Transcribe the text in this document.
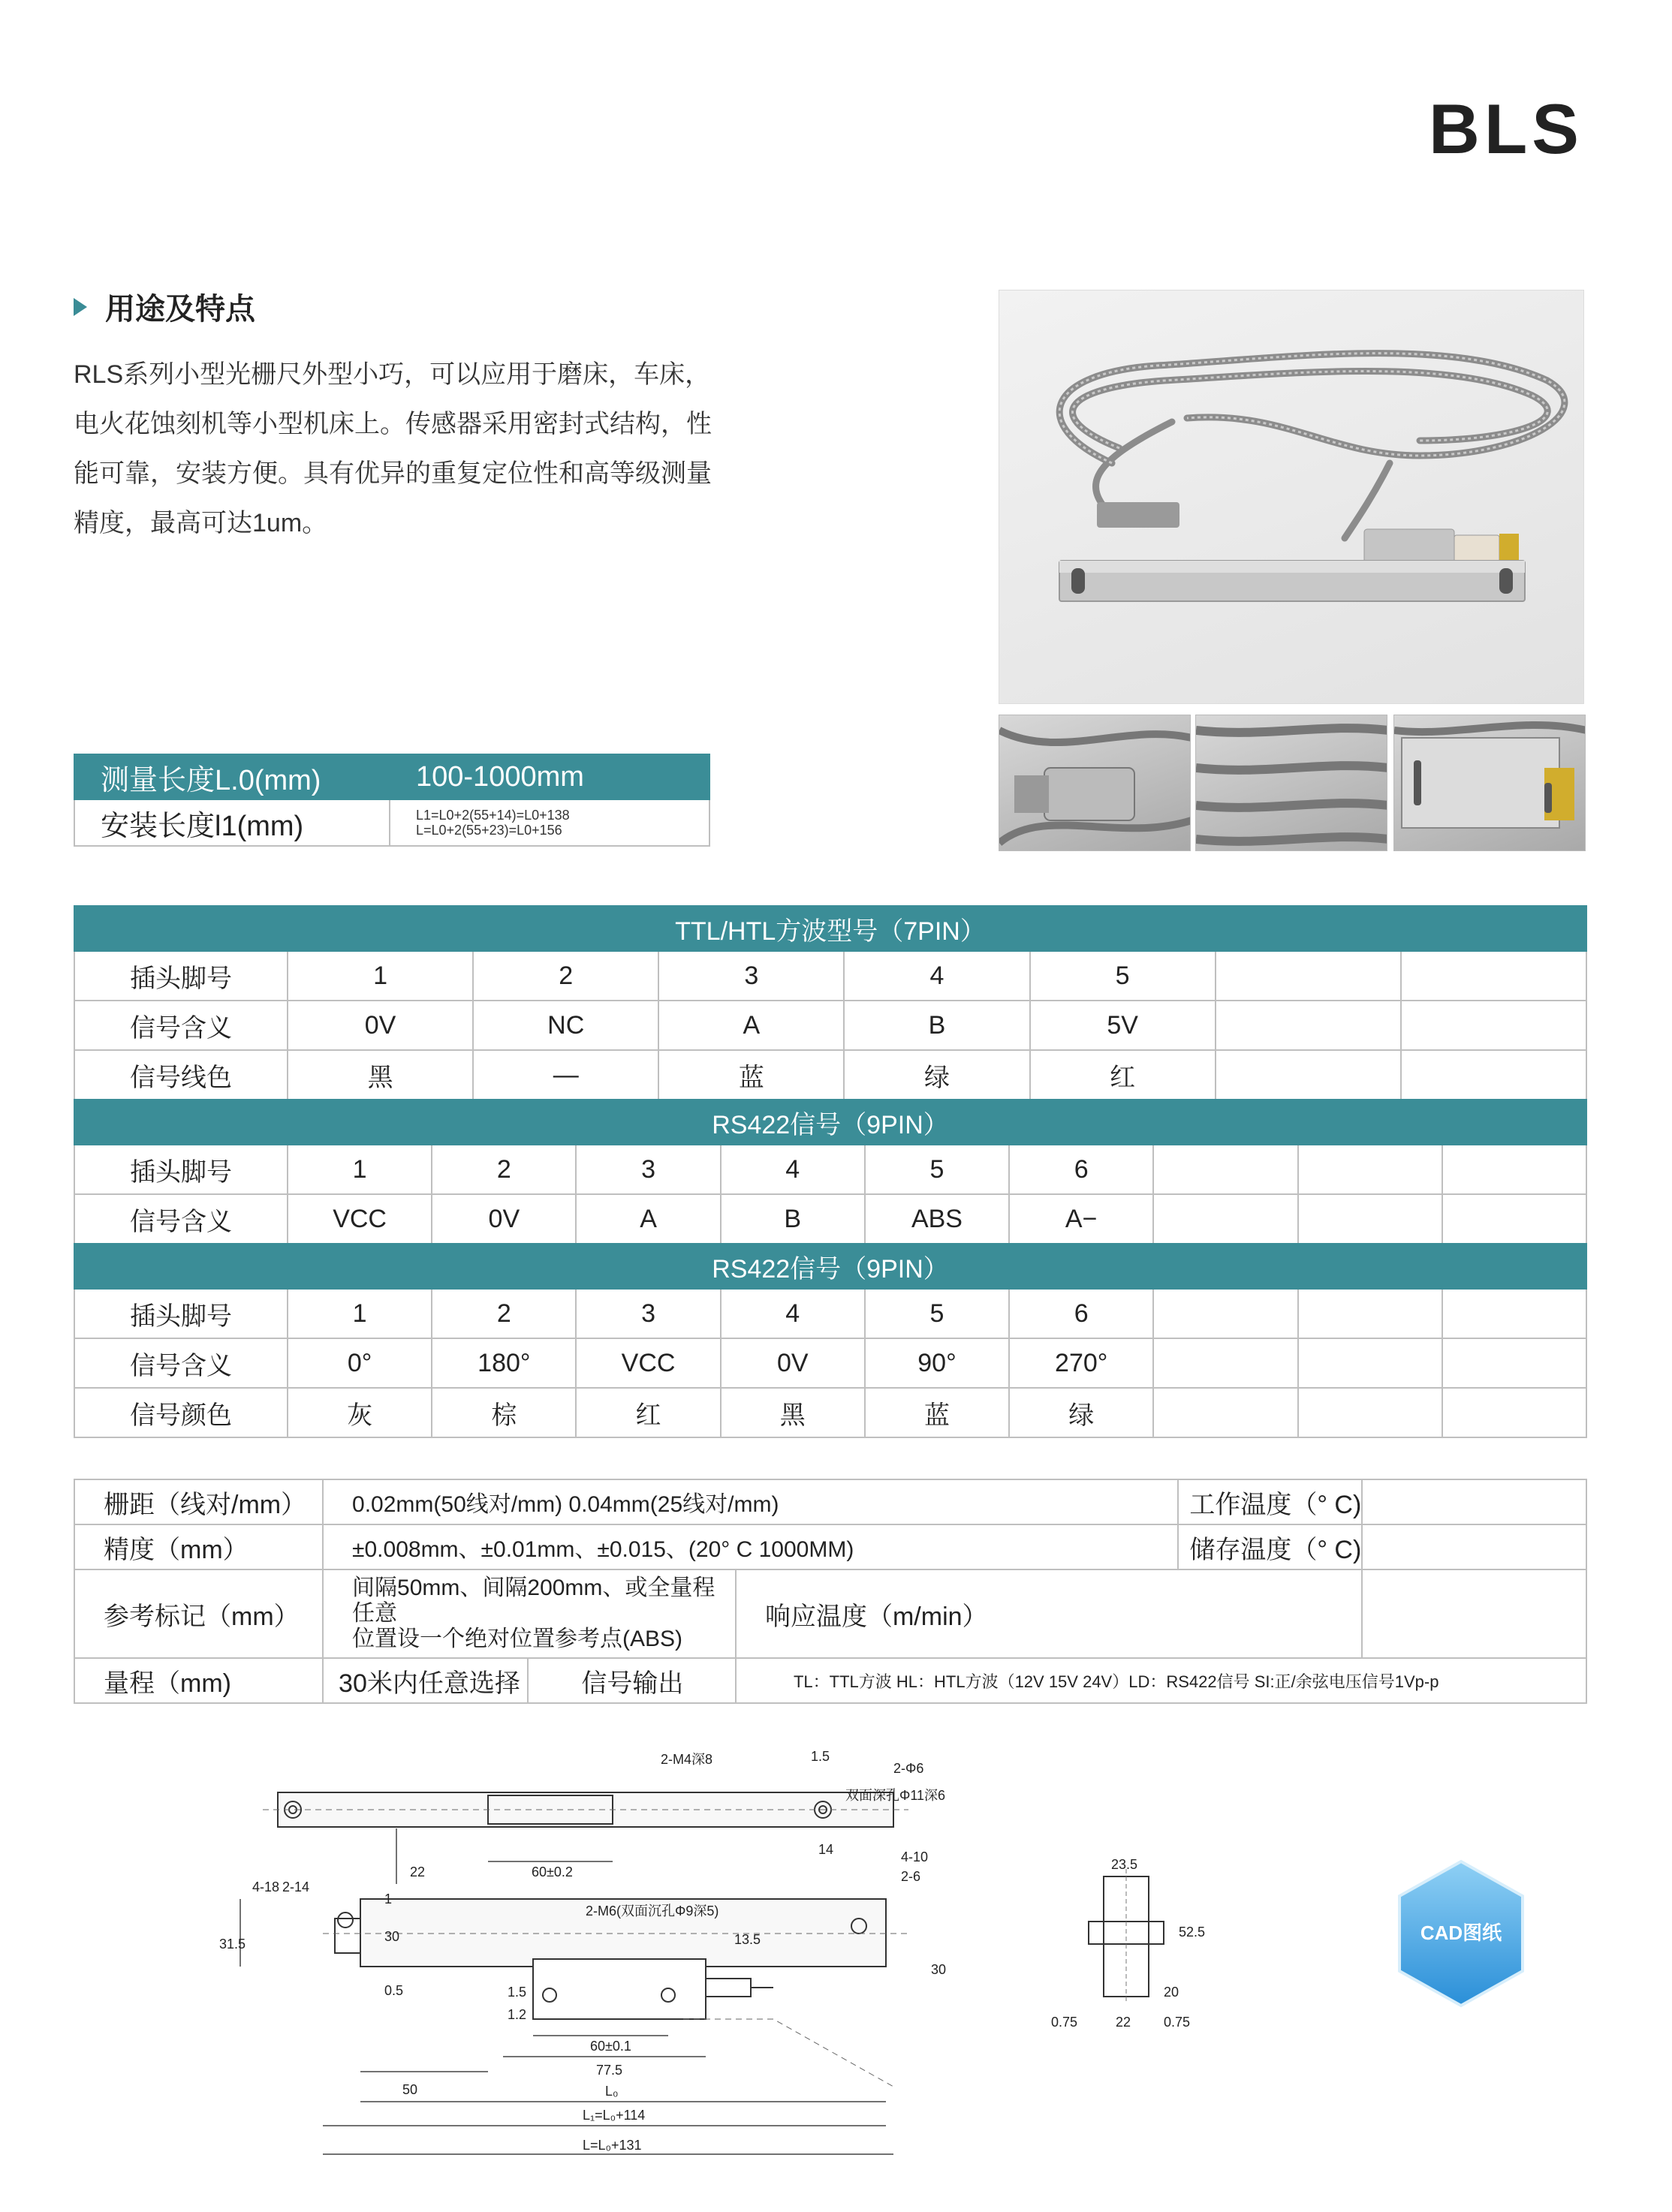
BLS
用途及特点
RLS系列小型光栅尺外型小巧，可以应用于磨床，车床，
电火花蚀刻机等小型机床上。传感器采用密封式结构，性
能可靠，安装方便。具有优异的重复定位性和高等级测量
精度，最高可达1um。
测量长度L.0(mm)	100-1000mm
安装长度l1(mm)	L1=L0+2(55+14)=L0+138
L=L0+2(55+23)=L0+156
TTL/HTL方波型号（7PIN）							
插头脚号	1	2	3	4	5		
信号含义	0V	NC	A	B	5V		
信号线色	黑	—	蓝	绿	红		
RS422信号（9PIN）									
插头脚号	1	2	3	4	5	6			
信号含义	VCC	0V	A	B	ABS	A−			
RS422信号（9PIN）									
插头脚号	1	2	3	4	5	6			
信号含义	0°	180°	VCC	0V	90°	270°			
信号颜色	灰	棕	红	黑	蓝	绿			
栅距（线对/mm）	0.02mm(50线对/mm) 0.04mm(25线对/mm)			工作温度（° C)	
精度（mm）	±0.008mm、±0.01mm、±0.015、(20° C 1000MM)			储存温度（° C)	
参考标记（mm）	间隔50mm、间隔200mm、或全量程任意
位置设一个绝对位置参考点(ABS)		响应温度（m/min）		
量程（mm)	30米内任意选择	信号输出	TL：TTL方波 HL：HTL方波（12V 15V 24V）LD：RS422信号 SI:正/余弦电压信号1Vp-p		
2-M4深8	1.5
2-Φ6
双面深孔Φ11深6
22	60±0.2
14	4-10
2-6
4-18 2-14
31.5
1
30
0.5
2-M6(双面沉孔Φ9深5)
13.5
1.2
1.5
60±0.1
77.5
50	L₀
L₁=L₀+114
L=L₀+131
30
23.5
52.5
20
0.75	22 0.75
CAD图纸
